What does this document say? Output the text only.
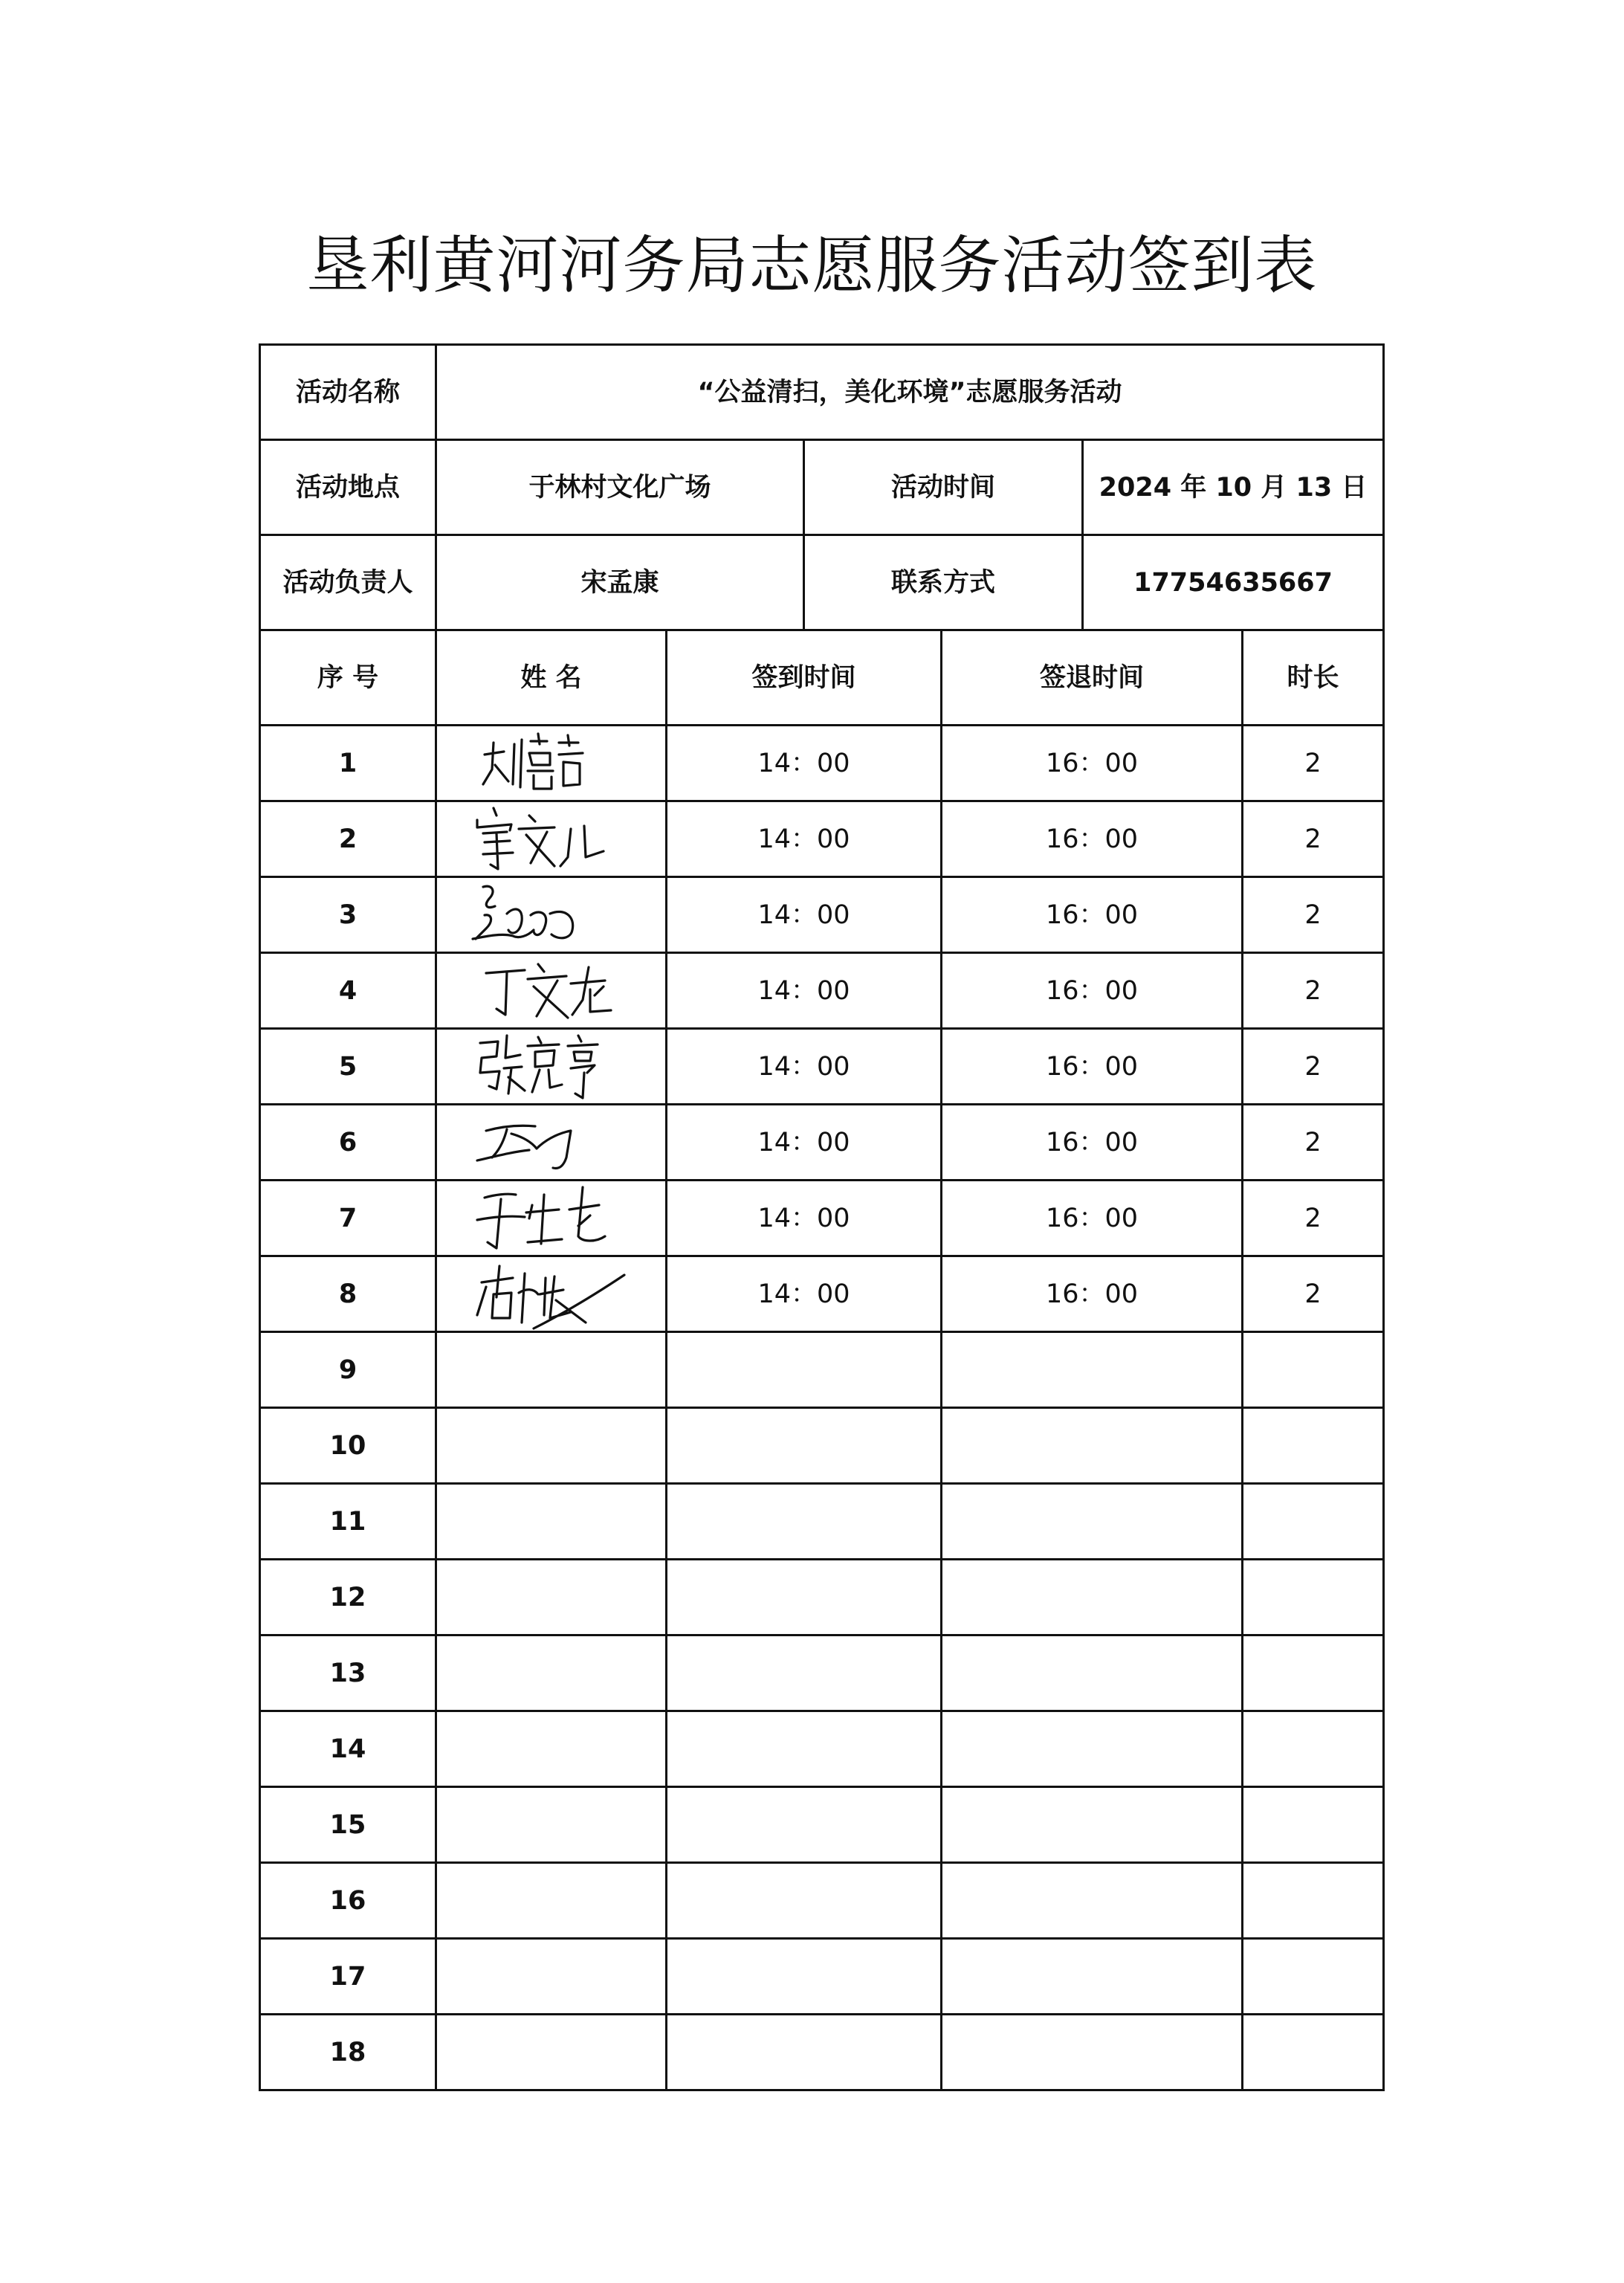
垦利黄河河务局志愿服务活动签到表
活动名称	“公益清扫，美化环境”志愿服务活动					
活动地点	于林村文化广场		活动时间		2024 年 10 月 13 日	
活动负责人	宋孟康		联系方式		17754635667	
序 号	姓 名	签到时间		签退时间		时长
1		14：00		16：00		2
2		14：00		16：00		2
3		14：00		16：00		2
4		14：00		16：00		2
5		14：00		16：00		2
6		14：00		16：00		2
7		14：00		16：00		2
8		14：00		16：00		2
9						
10						
11						
12						
13						
14						
15						
16						
17						
18						
